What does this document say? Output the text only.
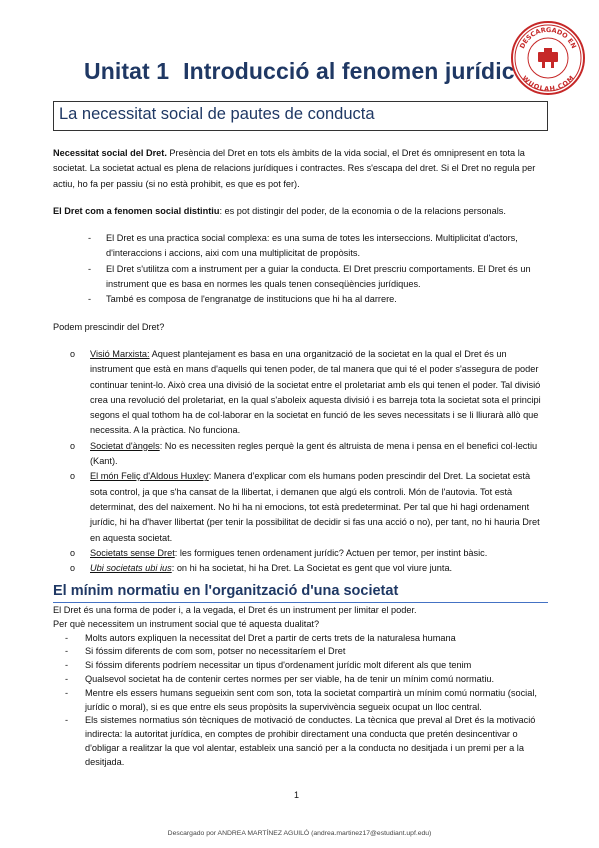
Unitat 1 Introducció al fenomen jurídic
DESCARGADO EN
WUOLAH.COM
La necessitat social de pautes de conducta

Necessitat social del Dret. Presència del Dret en tots els àmbits de la vida social, el Dret és omnipresent en tota la societat. La societat actual es plena de relacions jurídiques i contractes. Res s'escapa del dret. Si el Dret no regula per actiu, ho fa per passiu (si no està prohibit, es que es pot fer).

El Dret com a fenomen social distintiu: es pot distingir del poder, de la economia o de la relacions personals.

- El Dret es una practica social complexa: es una suma de totes les interseccions. Multiplicitat d'actors, d'interaccions i accions, aixi com una multiplicitat de propòsits.
- El Dret s'utilitza com a instrument per a guiar la conducta. El Dret prescriu comportaments. El Dret és un instrument que es basa en normes les quals tenen conseqüències jurídiques.
- També es composa de l'engranatge de institucions que hi ha al darrere.

Podem prescindir del Dret?

o Visió Marxista: Aquest plantejament es basa en una organització de la societat en la qual el Dret és un instrument que està en mans d'aquells qui tenen poder, de tal manera que qui té el poder s'assegura de poder continuar tenint-lo. Això crea una divisió de la societat entre el proletariat amb els qui tenen el poder. Tal divisió crea una revolució del proletariat, en la qual s'aboleix aquesta divisió i es barreja tota la societat sota el principi segons el qual tothom ha de col·laborar en la societat en funció de les seves necessitats i se li lliurarà allò que necessita. A la pràctica. No funciona.
o Societat d'àngels: No es necessiten regles perquè la gent és altruista de mena i pensa en el benefici col·lectiu (Kant).
o El món Feliç d'Aldous Huxley: Manera d'explicar com els humans poden prescindir del Dret. La societat està sota control, ja que s'ha cansat de la llibertat, i demanen que algú els controli. Món de l'autovia. Tot està determinat, des del naixement. No hi ha ni emocions, tot està predeterminat. Per tal que hi hagi ordenament jurídic, hi ha d'haver llibertat (per tenir la possibilitat de decidir si fas una acció o no), per tant, no hi hauria Dret en aquesta societat.
o Societats sense Dret: les formigues tenen ordenament jurídic? Actuen per temor, per instint bàsic.
o Ubi societats ubi ius: on hi ha societat, hi ha Dret. La Societat es gent que vol viure junta.
El mínim normatiu en l'organització d'una societat

El Dret és una forma de poder i, a la vegada, el Dret és un instrument per limitar el poder.

Per què necessitem un instrument social que té aquesta dualitat?

- Molts autors expliquen la necessitat del Dret a partir de certs trets de la naturalesa humana
- Si fóssim diferents de com som, potser no necessitaríem el Dret
- Si fóssim diferents podríem necessitar un tipus d'ordenament jurídic molt diferent als que tenim
- Qualsevol societat ha de contenir certes normes per ser viable, ha de tenir un mínim comú normatiu.
- Mentre els essers humans segueixin sent com son, tota la societat compartirà un mínim comú normatiu (social, jurídic o moral), si es que entre els seus propòsits la supervivència segueix ocupat un lloc central.
- Els sistemes normatius són tècniques de motivació de conductes. La tècnica que preval al Dret és la motivació indirecta: la autoritat jurídica, en comptes de prohibir directament una conducta que pretén desincentivar o d'obligar a realitzar la que vol alentar, estableix una sanció per a la conducta no desitjada i un premi per a la desitjada.
1
Descargado por ANDREA MARTÍNEZ AGUILÓ (andrea.martinez17@estudiant.upf.edu)
